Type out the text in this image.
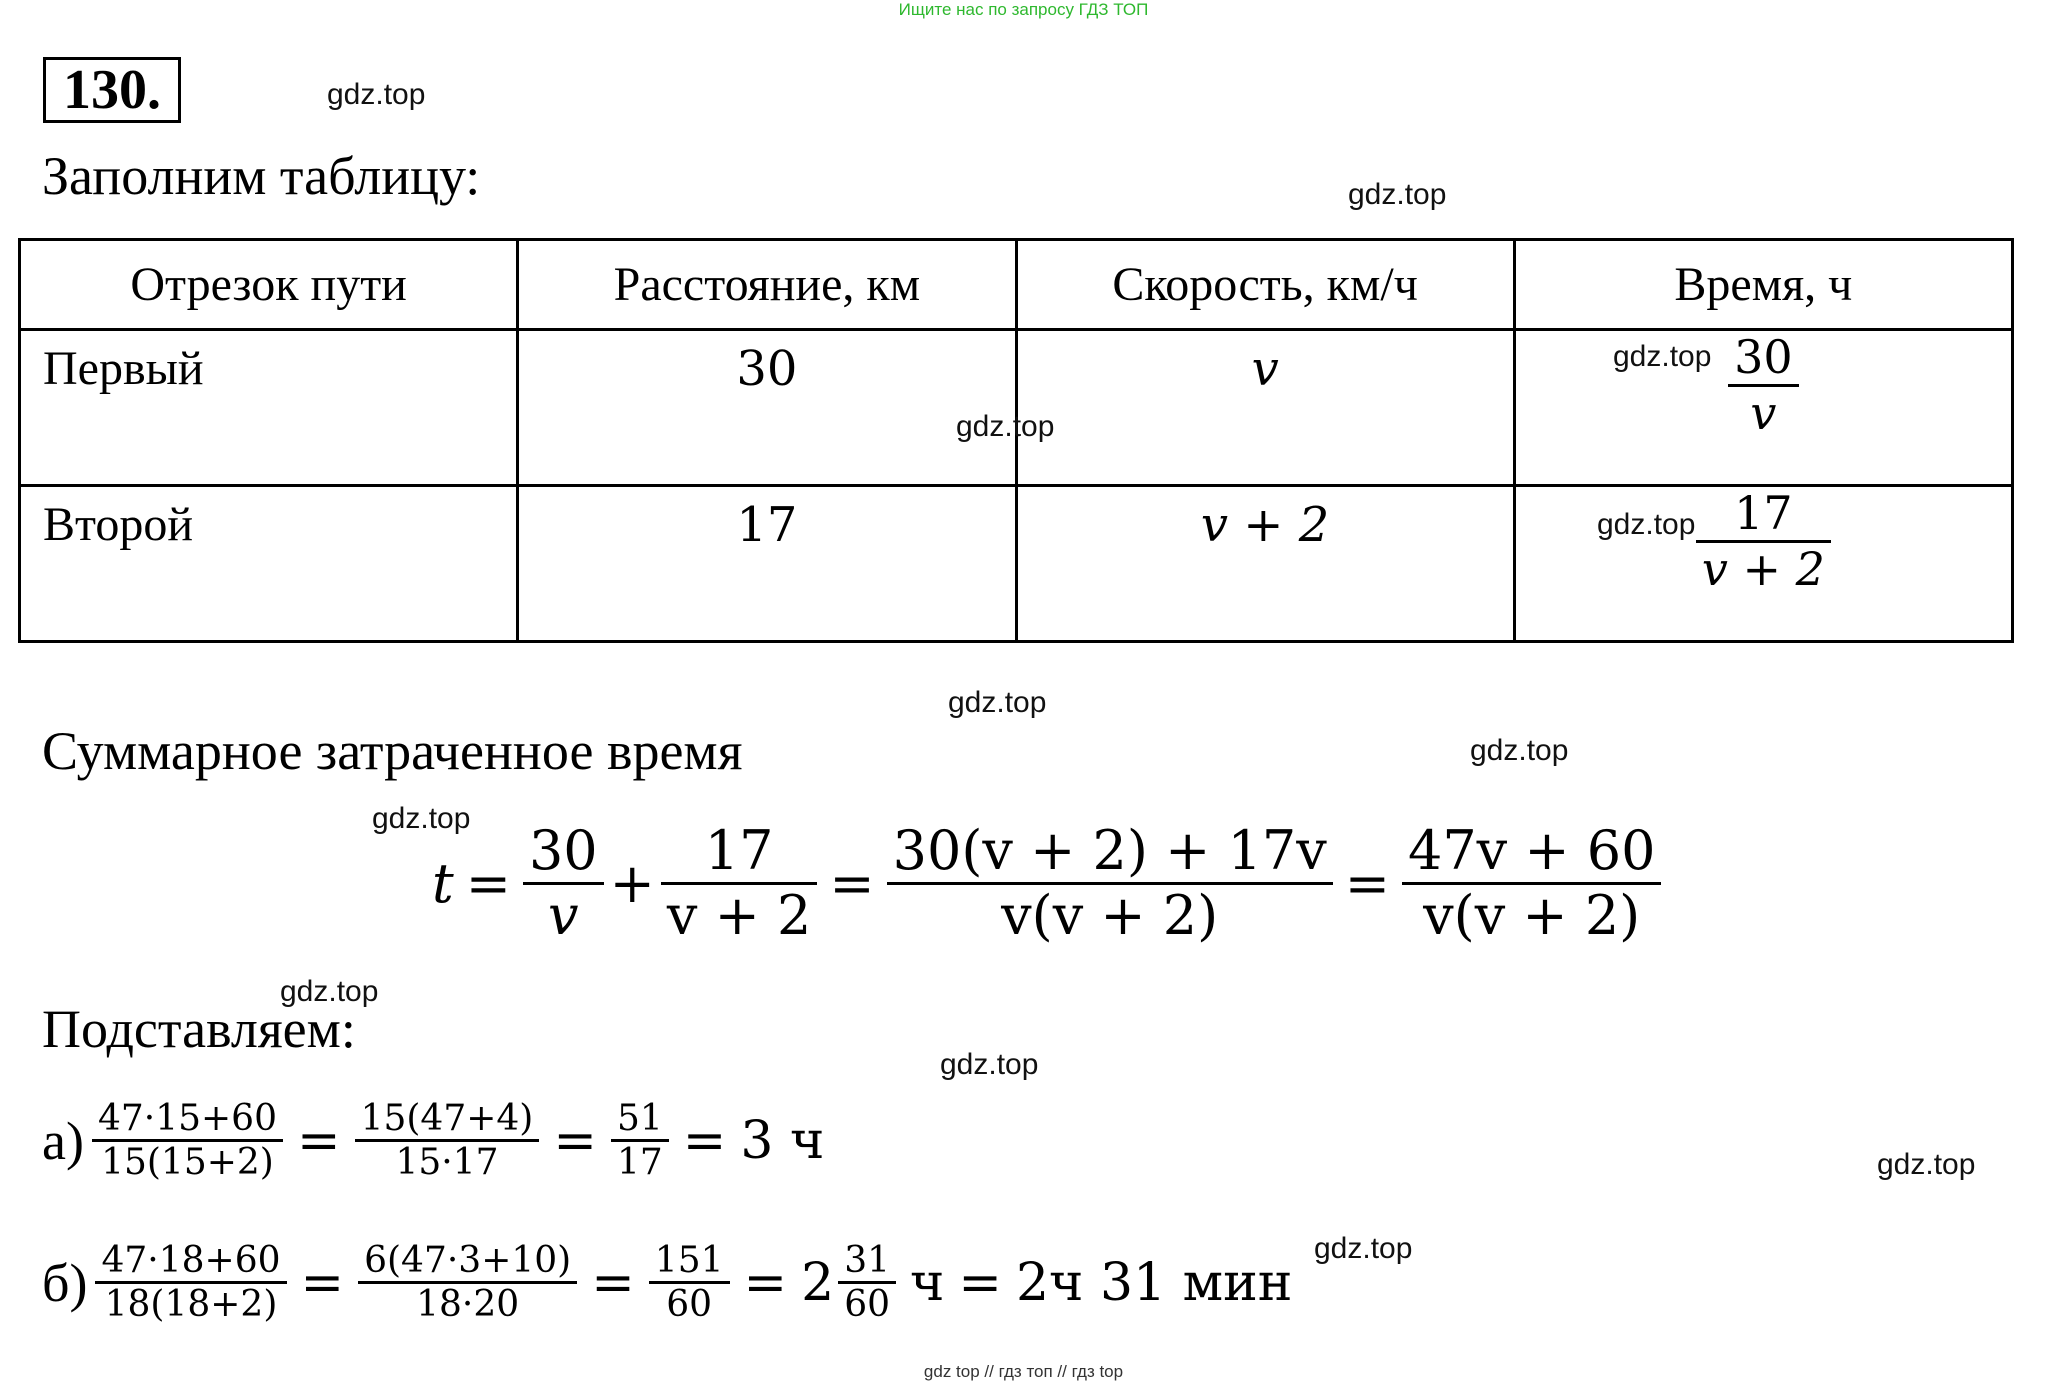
Ищите нас по запросу ГДЗ ТОП
130.	gdz.top
Заполним таблицу:	gdz.top
Отрезок пути	Расстояние, км	Скорость, км/ч	Время, ч
Первый	30	v	$\frac{30}{v}$

Второй	17	v + 2	$\frac{17}{v + 2}$
gdz.top
gdz.top
gdz.top
gdz.top
gdz.top
Суммарное затраченное время
gdz.top
$t = \frac{30}{v} + \frac{17}{v + 2} = \frac{30(v + 2) + 17v}{v(v + 2)} = \frac{47v + 60}{v(v + 2)}$
gdz.top
Подставляем:
gdz.top
$а) \frac{47\cdot 15+60}{15(15+2)} = \frac{15(47+4)}{15\cdot 17} = \frac{51}{17} = 3$ ч	gdz.top
gdz.top
$б) \frac{47\cdot 18+60}{18(18+2)} = \frac{6(47\cdot 3+10)}{18\cdot 20} = \frac{151}{60} = 2 \frac{31}{60}$ ч = 2ч 31 мин
gdz top // гдз топ // гдз top
